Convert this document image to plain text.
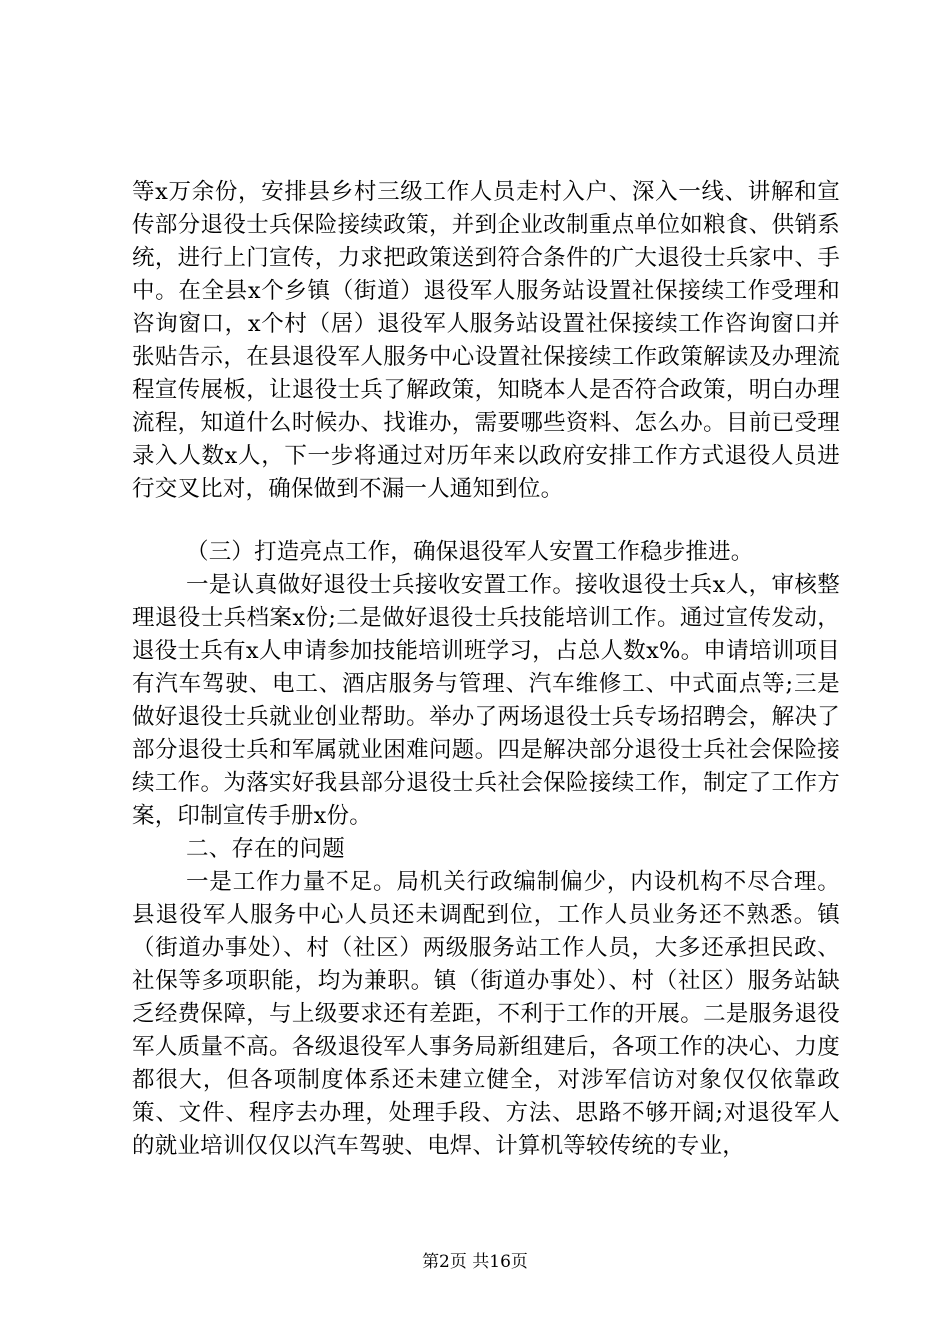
等x万余份，安排县乡村三级工作人员走村入户、深入一线、讲解和宣传部分退役士兵保险接续政策，并到企业改制重点单位如粮食、供销系统，进行上门宣传，力求把政策送到符合条件的广大退役士兵家中、手中。在全县x个乡镇（街道）退役军人服务站设置社保接续工作受理和咨询窗口，x个村（居）退役军人服务站设置社保接续工作咨询窗口并张贴告示，在县退役军人服务中心设置社保接续工作政策解读及办理流程宣传展板，让退役士兵了解政策，知晓本人是否符合政策，明白办理流程，知道什么时候办、找谁办，需要哪些资料、怎么办。目前已受理录入人数x人，下一步将通过对历年来以政府安排工作方式退役人员进行交叉比对，确保做到不漏一人通知到位。

（三）打造亮点工作，确保退役军人安置工作稳步推进。

一是认真做好退役士兵接收安置工作。接收退役士兵x人，审核整理退役士兵档案x份;二是做好退役士兵技能培训工作。通过宣传发动，退役士兵有x人申请参加技能培训班学习，占总人数x%。申请培训项目有汽车驾驶、电工、酒店服务与管理、汽车维修工、中式面点等;三是做好退役士兵就业创业帮助。举办了两场退役士兵专场招聘会，解决了部分退役士兵和军属就业困难问题。四是解决部分退役士兵社会保险接续工作。为落实好我县部分退役士兵社会保险接续工作，制定了工作方案，印制宣传手册x份。

二、存在的问题

一是工作力量不足。局机关行政编制偏少，内设机构不尽合理。县退役军人服务中心人员还未调配到位，工作人员业务还不熟悉。镇（街道办事处）、村（社区）两级服务站工作人员，大多还承担民政、社保等多项职能，均为兼职。镇（街道办事处）、村（社区）服务站缺乏经费保障，与上级要求还有差距，不利于工作的开展。二是服务退役军人质量不高。各级退役军人事务局新组建后，各项工作的决心、力度都很大，但各项制度体系还未建立健全，对涉军信访对象仅仅依靠政策、文件、程序去办理，处理手段、方法、思路不够开阔;对退役军人的就业培训仅仅以汽车驾驶、电焊、计算机等较传统的专业，

第2页 共16页
